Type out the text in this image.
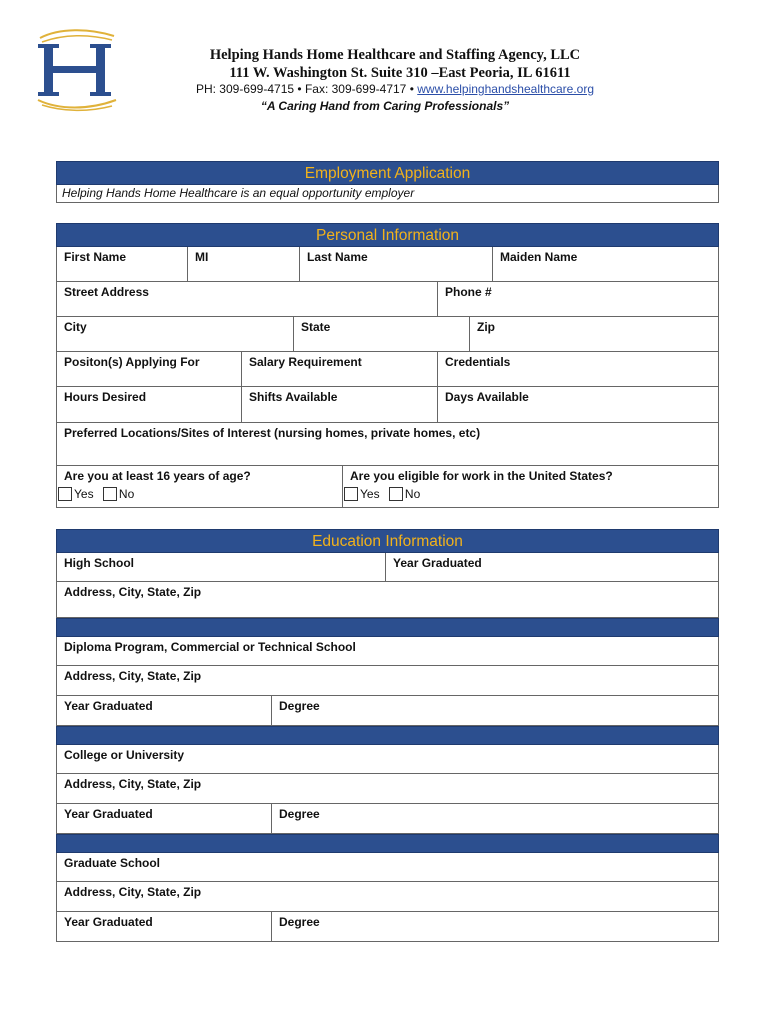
Helping Hands Home Healthcare and Staffing Agency, LLC
111 W. Washington St. Suite 310 –East Peoria, IL 61611
PH: 309-699-4715 • Fax: 309-699-4717 • www.helpinghandshealthcare.org
“A Caring Hand from Caring Professionals”
Employment Application
Helping Hands Home Healthcare is an equal opportunity employer
Personal Information
First Name	MI	Last Name	Maiden Name
Street Address	Phone #
City	State	Zip
Positon(s) Applying For	Salary Requirement	Credentials
Hours Desired	Shifts Available	Days Available
Preferred Locations/Sites of Interest (nursing homes, private homes, etc)
Are you at least 16 years of age?
Yes No
Are you eligible for work in the United States?
Yes No
Education Information
High School	Year Graduated
Address, City, State, Zip
Diploma Program, Commercial or Technical School
Address, City, State, Zip
Year Graduated	Degree
College or University
Address, City, State, Zip
Year Graduated	Degree
Graduate School
Address, City, State, Zip
Year Graduated	Degree
